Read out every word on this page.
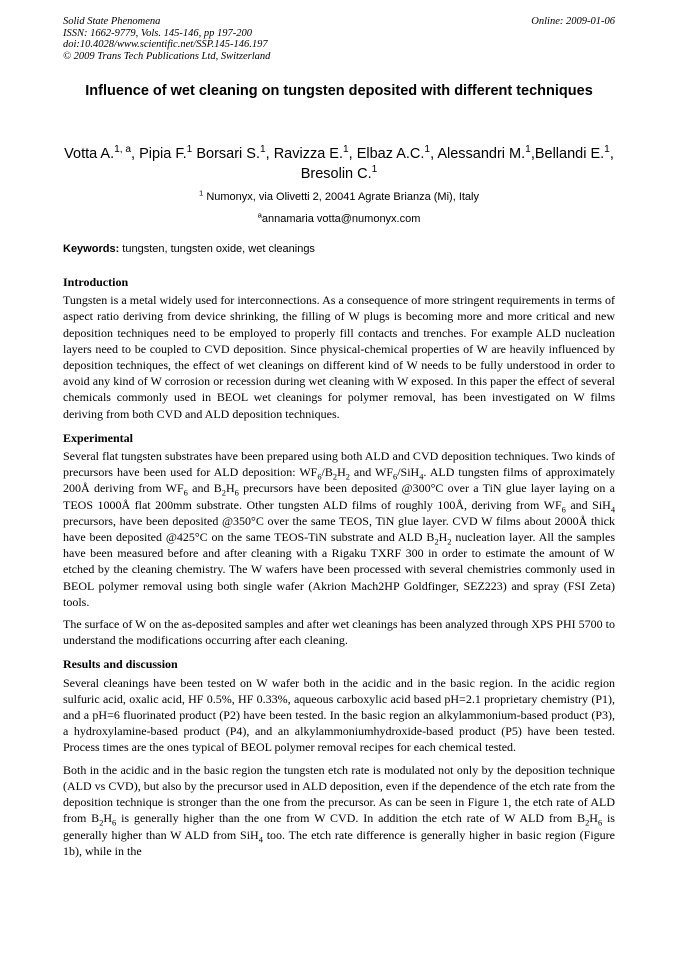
Solid State Phenomena
ISSN: 1662-9779, Vols. 145-146, pp 197-200
doi:10.4028/www.scientific.net/SSP.145-146.197
© 2009 Trans Tech Publications Ltd, Switzerland
Online: 2009-01-06
Influence of wet cleaning on tungsten deposited with different techniques
Votta A.$^{1, a}$, Pipia F.$^1$ Borsari S.$^1$, Ravizza E.$^1$, Elbaz A.C.$^1$, Alessandri M.$^1$,Bellandi E.$^1$, Bresolin C.$^1$
$^1$ Numonyx, via Olivetti 2, 20041 Agrate Brianza (Mi), Italy
$^a$annamaria votta@numonyx.com
Keywords: tungsten, tungsten oxide, wet cleanings
Introduction
Tungsten is a metal widely used for interconnections. As a consequence of more stringent requirements in terms of aspect ratio deriving from device shrinking, the filling of W plugs is becoming more and more critical and new deposition techniques need to be employed to properly fill contacts and trenches. For example ALD nucleation layers need to be coupled to CVD deposition. Since physical-chemical properties of W are heavily influenced by deposition techniques, the effect of wet cleanings on different kind of W needs to be fully understood in order to avoid any kind of W corrosion or recession during wet cleaning with W exposed. In this paper the effect of several chemicals commonly used in BEOL wet cleanings for polymer removal, has been investigated on W films deriving from both CVD and ALD deposition techniques.
Experimental
Several flat tungsten substrates have been prepared using both ALD and CVD deposition techniques. Two kinds of precursors have been used for ALD deposition: $WF_6/B_2H_2$ and $WF_6/SiH_4$. ALD tungsten films of approximately 200Å deriving from $WF_6$ and $B_2H_6$ precursors have been deposited @300°C over a TiN glue layer laying on a TEOS 1000Å flat 200mm substrate. Other tungsten ALD films of roughly 100Å, deriving from $WF_6$ and SiH$_4$ precursors, have been deposited @350°C over the same TEOS, TiN glue layer. CVD W films about 2000Å thick have been deposited @425°C on the same TEOS-TiN substrate and ALD $B_2H_2$ nucleation layer. All the samples have been measured before and after cleaning with a Rigaku TXRF 300 in order to estimate the amount of W etched by the cleaning chemistry. The W wafers have been processed with several chemistries commonly used in BEOL polymer removal using both single wafer (Akrion Mach2HP Goldfinger, SEZ223) and spray (FSI Zeta) tools.
The surface of W on the as-deposited samples and after wet cleanings has been analyzed through XPS PHI 5700 to understand the modifications occurring after each cleaning.
Results and discussion
Several cleanings have been tested on W wafer both in the acidic and in the basic region. In the acidic region sulfuric acid, oxalic acid, HF 0.5%, HF 0.33%, aqueous carboxylic acid based pH=2.1 proprietary chemistry (P1), and a pH=6 fluorinated product (P2) have been tested. In the basic region an alkylammonium-based product (P3), a hydroxylamine-based product (P4), and an alkylammoniumhydroxide-based product (P5) have been tested. Process times are the ones typical of BEOL polymer removal recipes for each chemical tested.
Both in the acidic and in the basic region the tungsten etch rate is modulated not only by the deposition technique (ALD vs CVD), but also by the precursor used in ALD deposition, even if the dependence of the etch rate from the deposition technique is stronger than the one from the precursor. As can be seen in Figure 1, the etch rate of ALD from $B_2H_6$ is generally higher than the one from W CVD. In addition the etch rate of W ALD from $B_2H_6$ is generally higher than W ALD from SiH$_4$ too. The etch rate difference is generally higher in basic region (Figure 1b), while in the
